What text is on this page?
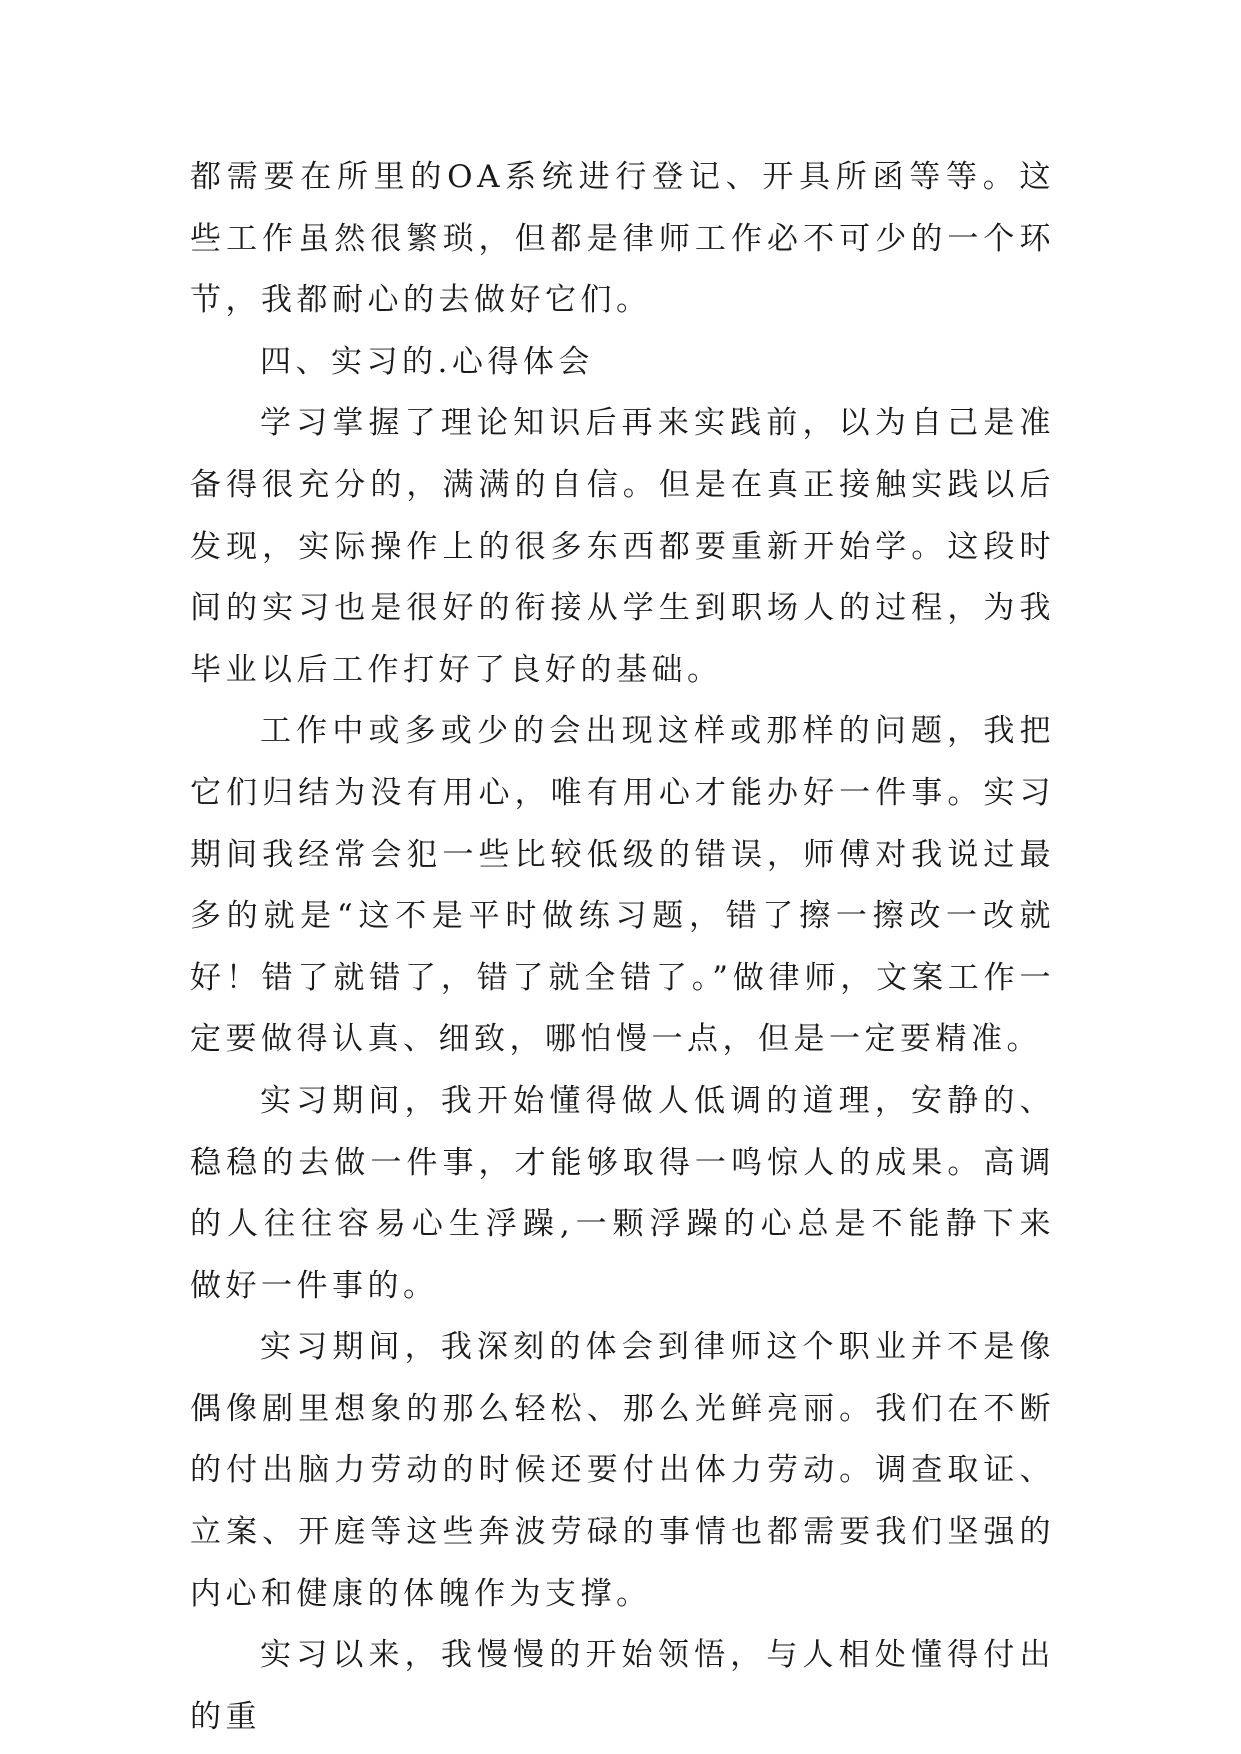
都需要在所里的OA系统进行登记、开具所函等等。这些工作虽然很繁琐，但都是律师工作必不可少的一个环节，我都耐心的去做好它们。

四、实习的.心得体会

学习掌握了理论知识后再来实践前，以为自己是准备得很充分的，满满的自信。但是在真正接触实践以后发现，实际操作上的很多东西都要重新开始学。这段时间的实习也是很好的衔接从学生到职场人的过程，为我毕业以后工作打好了良好的基础。

工作中或多或少的会出现这样或那样的问题，我把它们归结为没有用心，唯有用心才能办好一件事。实习期间我经常会犯一些比较低级的错误，师傅对我说过最多的就是“这不是平时做练习题，错了擦一擦改一改就好！错了就错了，错了就全错了。”做律师，文案工作一定要做得认真、细致，哪怕慢一点，但是一定要精准。

实习期间，我开始懂得做人低调的道理，安静的、稳稳的去做一件事，才能够取得一鸣惊人的成果。高调的人往往容易心生浮躁,一颗浮躁的心总是不能静下来做好一件事的。

实习期间，我深刻的体会到律师这个职业并不是像偶像剧里想象的那么轻松、那么光鲜亮丽。我们在不断的付出脑力劳动的时候还要付出体力劳动。调查取证、立案、开庭等这些奔波劳碌的事情也都需要我们坚强的内心和健康的体魄作为支撑。

实习以来，我慢慢的开始领悟，与人相处懂得付出的重
